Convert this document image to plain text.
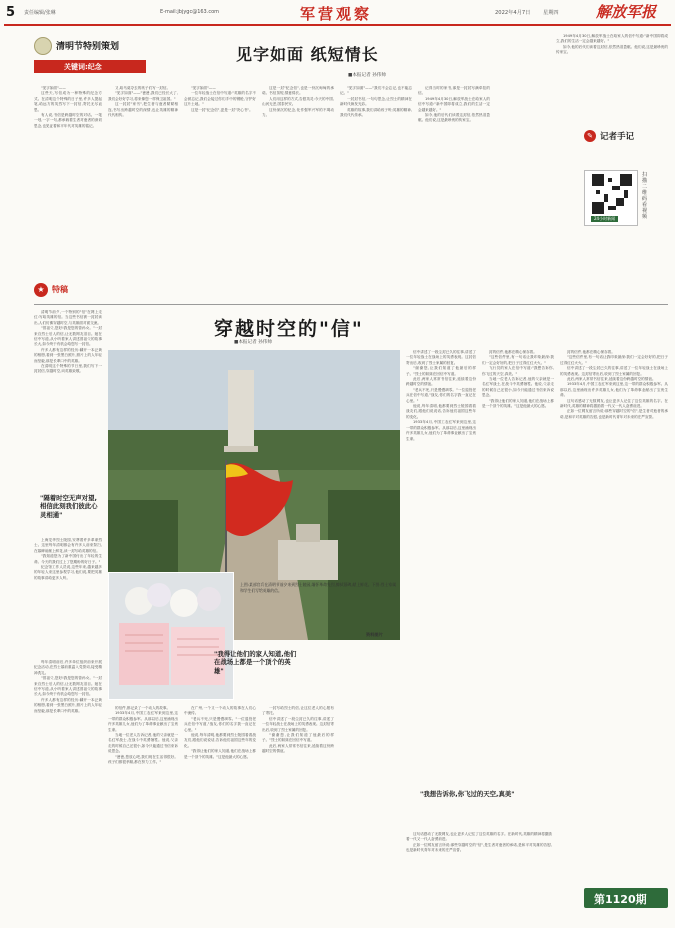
5 责任编辑/张琳	E-mail:jbjygc@163.com	军营观察	2022年4月7日 星期四 解放军报
清明节特别策划
关键词:纪念
见字如面 纸短情长
■本报记者 孙伟帅

"见字如面"——

这些天,写信成为一种特殊的纪念方式。在清明这个特殊的日子里,许多人提起笔,给远方的英烈写下一封信,寄托无尽哀思。

有人说,书信是跨越时空的对话。一笔一划,一字一句,都承载着生者对逝者的深切思念,也见证着和平年代对英雄的铭记。

又,给马莫夺去的孩子们写一封信。

"见字如面"——"爸爸,我们已经长大了,我们会好好学习,将来像您一样保卫祖国。"

这一封封"家书",把生者与逝者紧紧相连,书写出跨越时空的深情,也让英雄的精神代代相传。

"见字如面"——

一位年轻战士在信中写道:"英雄的名字不会被忘记,我们会接过你们手中的钢枪,守护好这片土地。"

这是一封"纪念信",更是一封"决心书"。

这是一封"纪念信",也是一份沉甸甸的承诺。书信虽短,情意绵长。

人们用这样的方式,告慰英灵:今天的中国,山河无恙,国泰民安。

这份深沉的纪念,化作强军兴军的不竭动力。

"见字如面"——"我们不会忘记,也不能忘记。"

一封封书信,一句句思念,让烈士的精神在新时代焕发光彩。

英雄的故事,我们讲给孩子听;英雄的精神,我们代代传承。

记得当时的家书,那是一封封写满牵挂的信。

1949年4月30日,解放军战士在给家人的信中写道:"新中国即将成立,我们的生活一定会越来越好。"

如今,他的后代们读着这封信,依然热泪盈眶。他们说,这是最珍贵的传家宝。

1949年4月30日,解放军战士在给家人的信中写道:"新中国即将成立,我们的生活一定会越来越好。"

如今,他的后代们读着这封信,依然热泪盈眶。他们说,这是最珍贵的传家宝。

✎ 记者手记
24小时新闻
扫描二维码看视频
穿越时空的"信"
■本报记者 孙伟帅
★ 特稿

清明节前夕,一个特别的"信"在网上走红:写给英雄的信。当这些书信被一封封读出,人们仿佛穿越时空,与英雄面对面交流。

"曾祖父,您好!我是您的曾孙女。"一封来自烈士后人的信,让无数网友泪目。她在信中写道,从小听着家人讲述曾祖父的故事长大,如今终于有机会给您写一封信。

许多人都有这样的经历:翻开一本泛黄的相册,看到一张黑白照片,照片上的人年轻而坚毅,那是长辈口中的英雄。

在清明这个特殊的节日里,我们写下一封封信,穿越时空,向英雄致敬。

"隔着时空无声对望,相信此刻我们彼此心灵相通"

上海龙华烈士陵园,安葬着许多革命烈士。这里每年清明都会有许多人前来祭扫,在墓碑前献上鲜花,读一封写给英雄的信。

"我知道您为了新中国付出了年轻的生命。今天的我们过上了您期盼的好日子。"

纪念馆工作人员说,这些年来,越来越多的年轻人来这里参观学习,他们说,要把英雄的故事讲给更多人听。

每年清明前后,许多单位组织前来开展纪念活动,在烈士墓前重温入党誓词,接受精神洗礼。

"曾祖父,您好!我是您的曾孙女。"一封来自烈士后人的信,让无数网友泪目。她在信中写道,从小听着家人讲述曾祖父的故事长大,如今终于有机会给您写一封信。

许多人都有这样的经历:翻开一本泛黄的相册,看到一张黑白照片,照片上的人年轻而坚毅,那是长辈口中的英雄。

上图:某部官兵在清明节前夕来到烈士陵园,缅怀革命先烈,擦拭墓碑,献上鲜花。下图:烈士家属和学生们写给英雄的信。
资料图片
"我得让他们的家人知道,他们在战场上都是一个顶个的英雄"

的信件,都记录了一个动人的故事。

1933年4月,中国工农红军来到这里,这一带的群众积极参军。从那以后,这里涌现出许多英雄儿女,他们为了革命事业献出了宝贵生命。

当地一位老人告诉记者,他的父亲就是一名红军战士,在战斗中英勇牺牲。他说,父亲走的时候自己还很小,如今只能通过书信来诉说思念。

"爸爸,您放心吧,我们现在生活得很好。孩子们都很孝顺,都在努力工作。"

在广州,一个又一个动人的故事在人们心中流传。

"老兵不死,只是慢慢凋零。"一位退役老兵在信中写道,"战友,你们的名字我一直记在心里。"

他说,每年清明,他都要到烈士陵园看看战友们,跟他们说说话,告诉他们祖国这些年的变化。

"我得让他们的家人知道,他们在战场上都是一个顶个的英雄。"这是他最大的心愿。

一封写给烈士的信,让这位老人的心愿有了寄托。

信中讲述了一段尘封已久的往事,讲述了一位年轻战士在战场上的英勇表现。这封信寄出后,收到了烈士家属的回复。

"谢谢您,让我们知道了他最后的样子。"烈士的妹妹在回信中写道。

此后,两家人常常书信往来,延续着这份跨越时空的情谊。

信中讲述了一段尘封已久的往事,讲述了一位年轻战士在战场上的英勇表现。这封信寄出后,收到了烈士家属的回复。

"谢谢您,让我们知道了他最后的样子。"烈士的妹妹在回信中写道。

此后,两家人常常书信往来,延续着这份跨越时空的情谊。

"老兵不死,只是慢慢凋零。"一位退役老兵在信中写道,"战友,你们的名字我一直记在心里。"

他说,每年清明,他都要到烈士陵园看看战友们,跟他们说说话,告诉他们祖国这些年的变化。

1933年4月,中国工农红军来到这里,这一带的群众积极参军。从那以后,这里涌现出许多英雄儿女,他们为了革命事业献出了宝贵生命。

"我想告诉你,你飞过的天空,真美"

这句话感动了无数网友,也让更多人记住了这位英雄的名字。在新时代,英雄的精神将激励着一代又一代人奋勇前进。

正如一位网友留言所说:那些穿越时空的"信",是生者对逝者的承诺,是和平对英雄的告慰,也是新时代青年对未来的庄严宣誓。

封的信件,他都在精心保存着。

"这些信件里,有一句话让我印象最深:我们一定会好好的,把日子过得红红火火。"

飞行员的家人在信中写道:"我想告诉你,你飞过的天空,真美。"

当地一位老人告诉记者,他的父亲就是一名红军战士,在战斗中英勇牺牲。他说,父亲走的时候自己还很小,如今只能通过书信来诉说思念。

"我得让他们的家人知道,他们在战场上都是一个顶个的英雄。"这是他最大的心愿。

封的信件,他都在精心保存着。

"这些信件里,有一句话让我印象最深:我们一定会好好的,把日子过得红红火火。"

信中讲述了一段尘封已久的往事,讲述了一位年轻战士在战场上的英勇表现。这封信寄出后,收到了烈士家属的回复。

此后,两家人常常书信往来,延续着这份跨越时空的情谊。

1933年4月,中国工农红军来到这里,这一带的群众积极参军。从那以后,这里涌现出许多英雄儿女,他们为了革命事业献出了宝贵生命。

这句话感动了无数网友,也让更多人记住了这位英雄的名字。在新时代,英雄的精神将激励着一代又一代人奋勇前进。

正如一位网友留言所说:那些穿越时空的"信",是生者对逝者的承诺,是和平对英雄的告慰,也是新时代青年对未来的庄严宣誓。

第1120期
